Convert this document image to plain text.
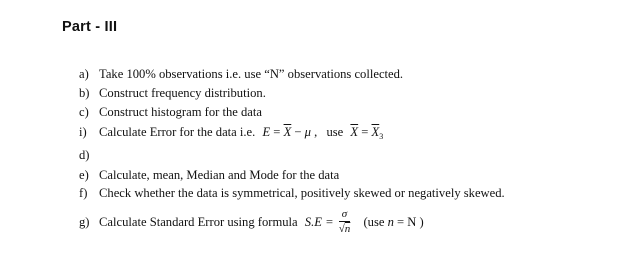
Part - III
a) Take 100% observations i.e. use “N” observations collected.
b) Construct frequency distribution.
c) Construct histogram for the data
i) Calculate Error for the data i.e. $E = \overline{X} - \mu$ , use $\overline{X} = \overline{X}_3$
d)
e) Calculate, mean, Median and Mode for the data
f) Check whether the data is symmetrical, positively skewed or negatively skewed.
g) Calculate Standard Error using formula $S.E = \frac{\sigma}{√n} (use$ n = N )
